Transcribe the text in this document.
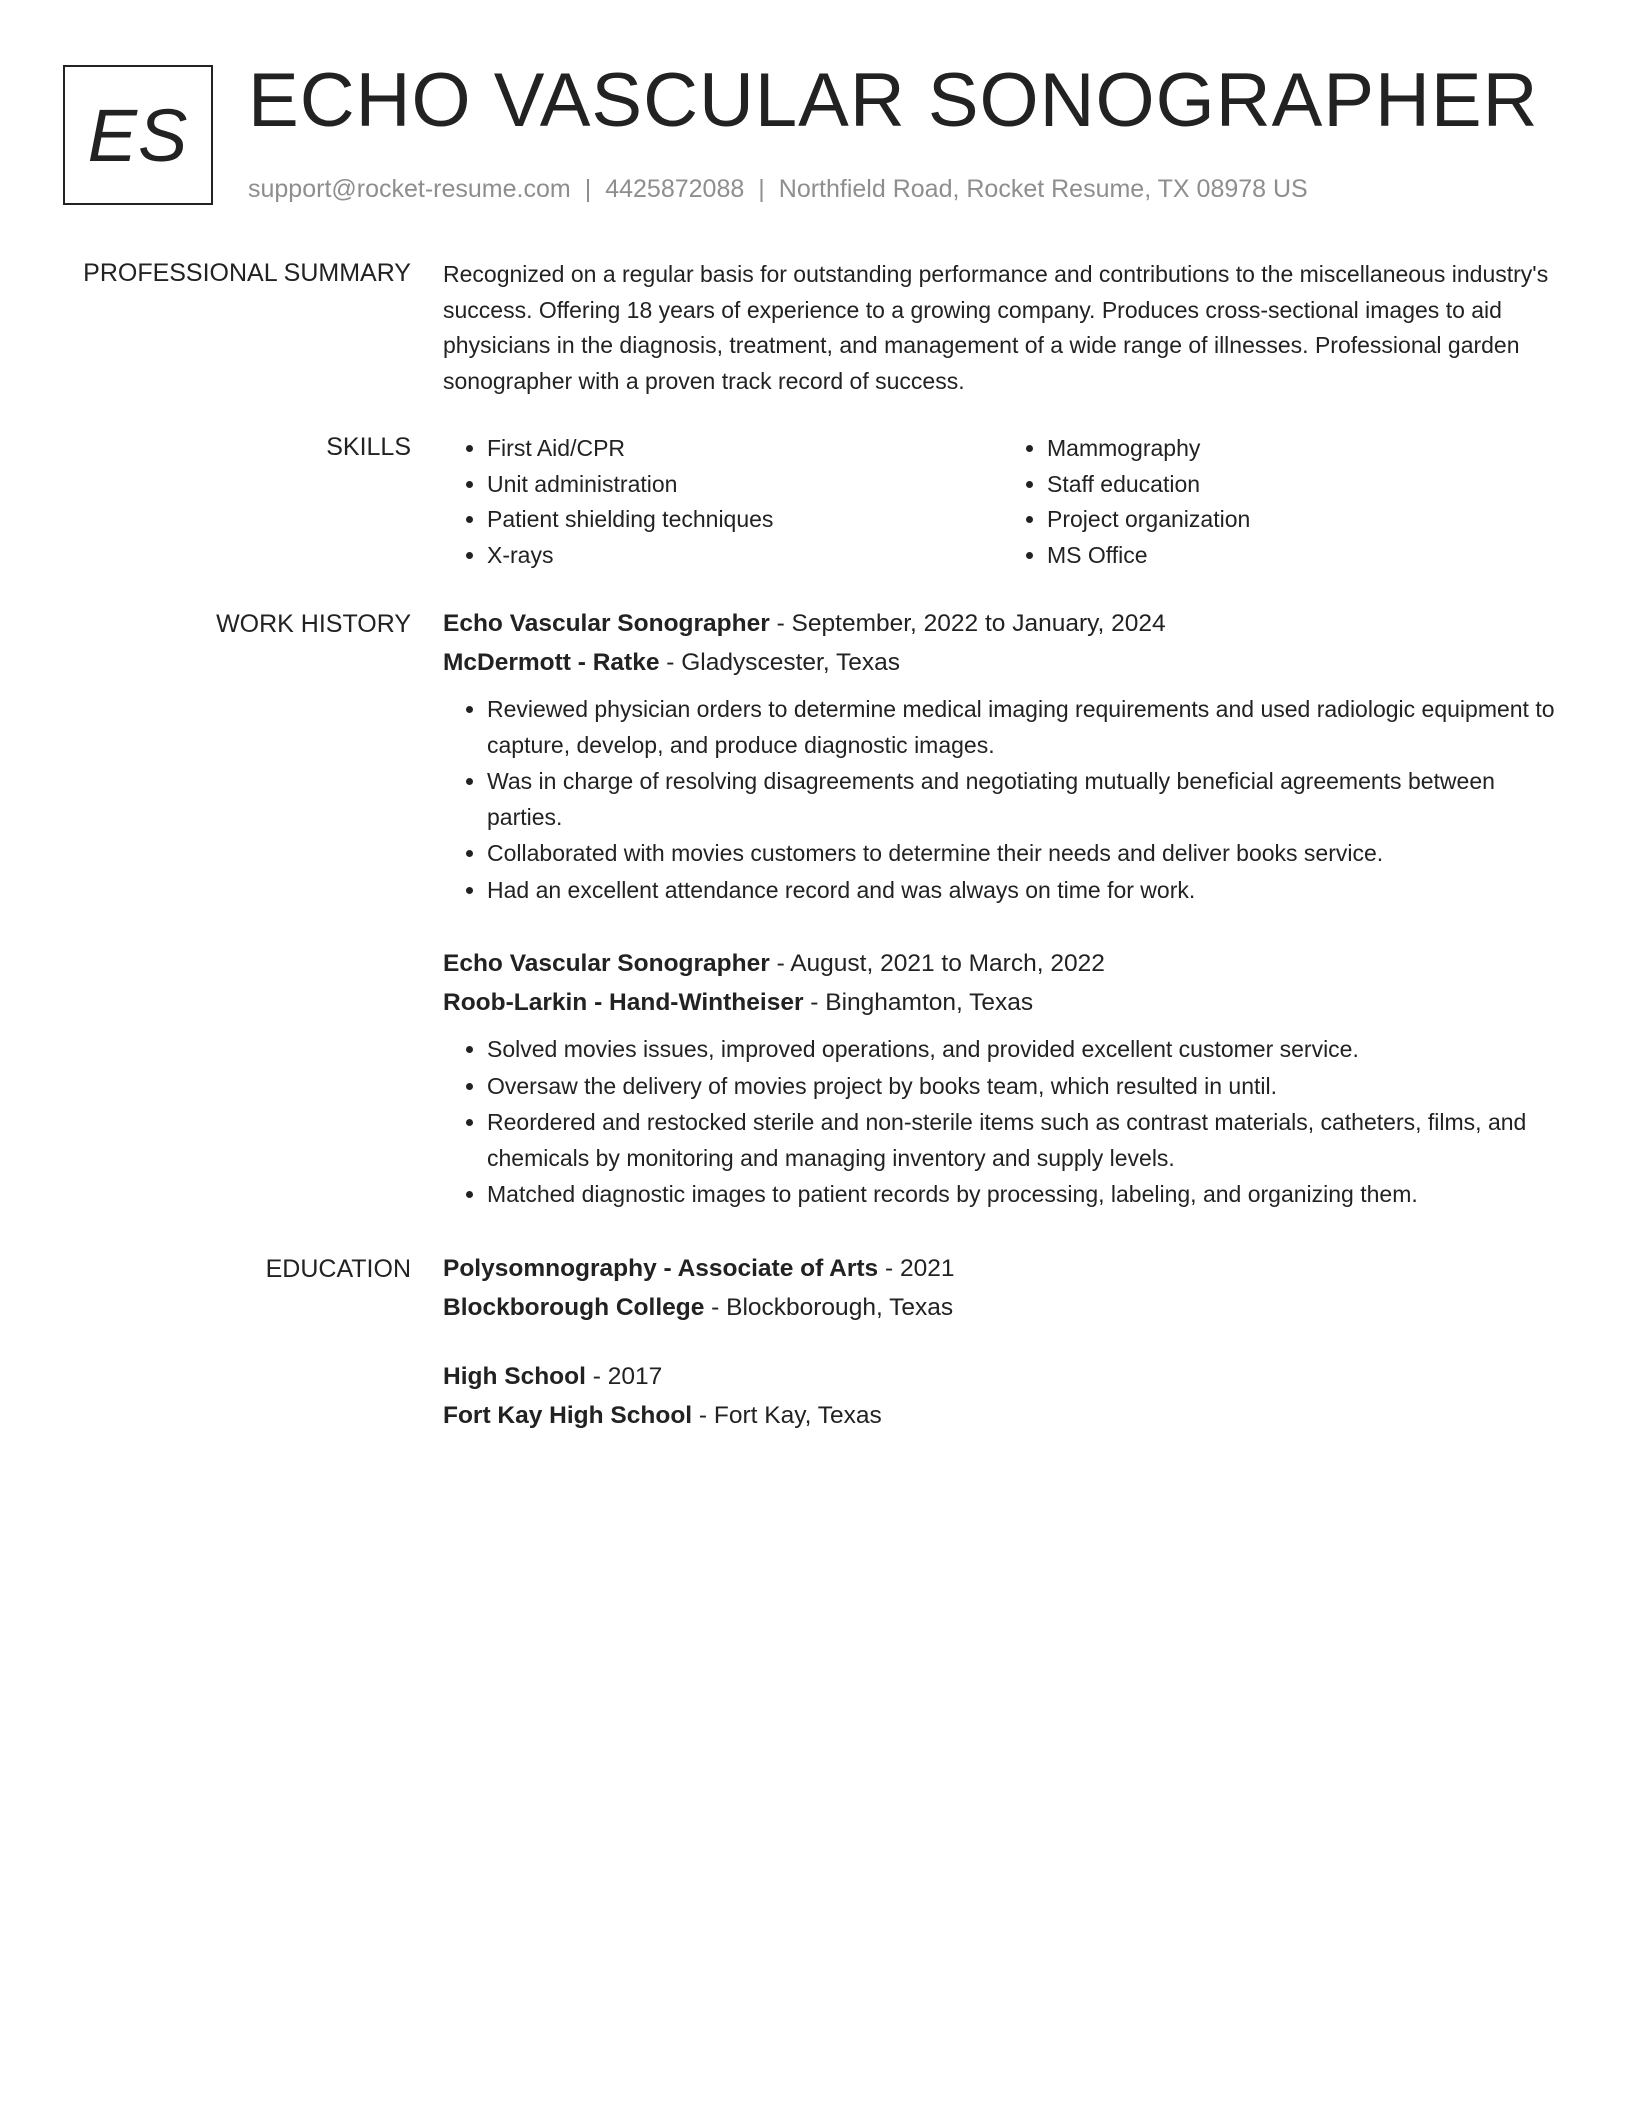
ES ECHO VASCULAR SONOGRAPHER
support@rocket-resume.com | 4425872088 | Northfield Road, Rocket Resume, TX 08978 US
PROFESSIONAL SUMMARY Recognized on a regular basis for outstanding performance and contributions to the miscellaneous industry's success. Offering 18 years of experience to a growing company. Produces cross-sectional images to aid physicians in the diagnosis, treatment, and management of a wide range of illnesses. Professional garden sonographer with a proven track record of success.

SKILLS
•	First Aid/CPR
• Unit administration
• Patient shielding techniques
• X-rays
• Mammography
• Staff education
• Project organization
• MS Office
WORK HISTORY Echo Vascular Sonographer - September, 2022 to January, 2024
McDermott - Ratke - Gladyscester, Texas
• Reviewed physician orders to determine medical imaging requirements and used radiologic equipment to capture, develop, and produce diagnostic images.
• Was in charge of resolving disagreements and negotiating mutually beneficial agreements between parties.
• Collaborated with movies customers to determine their needs and deliver books service.
• Had an excellent attendance record and was always on time for work.
Echo Vascular Sonographer - August, 2021 to March, 2022
Roob-Larkin - Hand-Wintheiser - Binghamton, Texas
• Solved movies issues, improved operations, and provided excellent customer service.
• Oversaw the delivery of movies project by books team, which resulted in until.
• Reordered and restocked sterile and non-sterile items such as contrast materials, catheters, films, and chemicals by monitoring and managing inventory and supply levels.
• Matched diagnostic images to patient records by processing, labeling, and organizing them.
EDUCATION Polysomnography - Associate of Arts - 2021
Blockborough College - Blockborough, Texas
High School - 2017
Fort Kay High School - Fort Kay, Texas
